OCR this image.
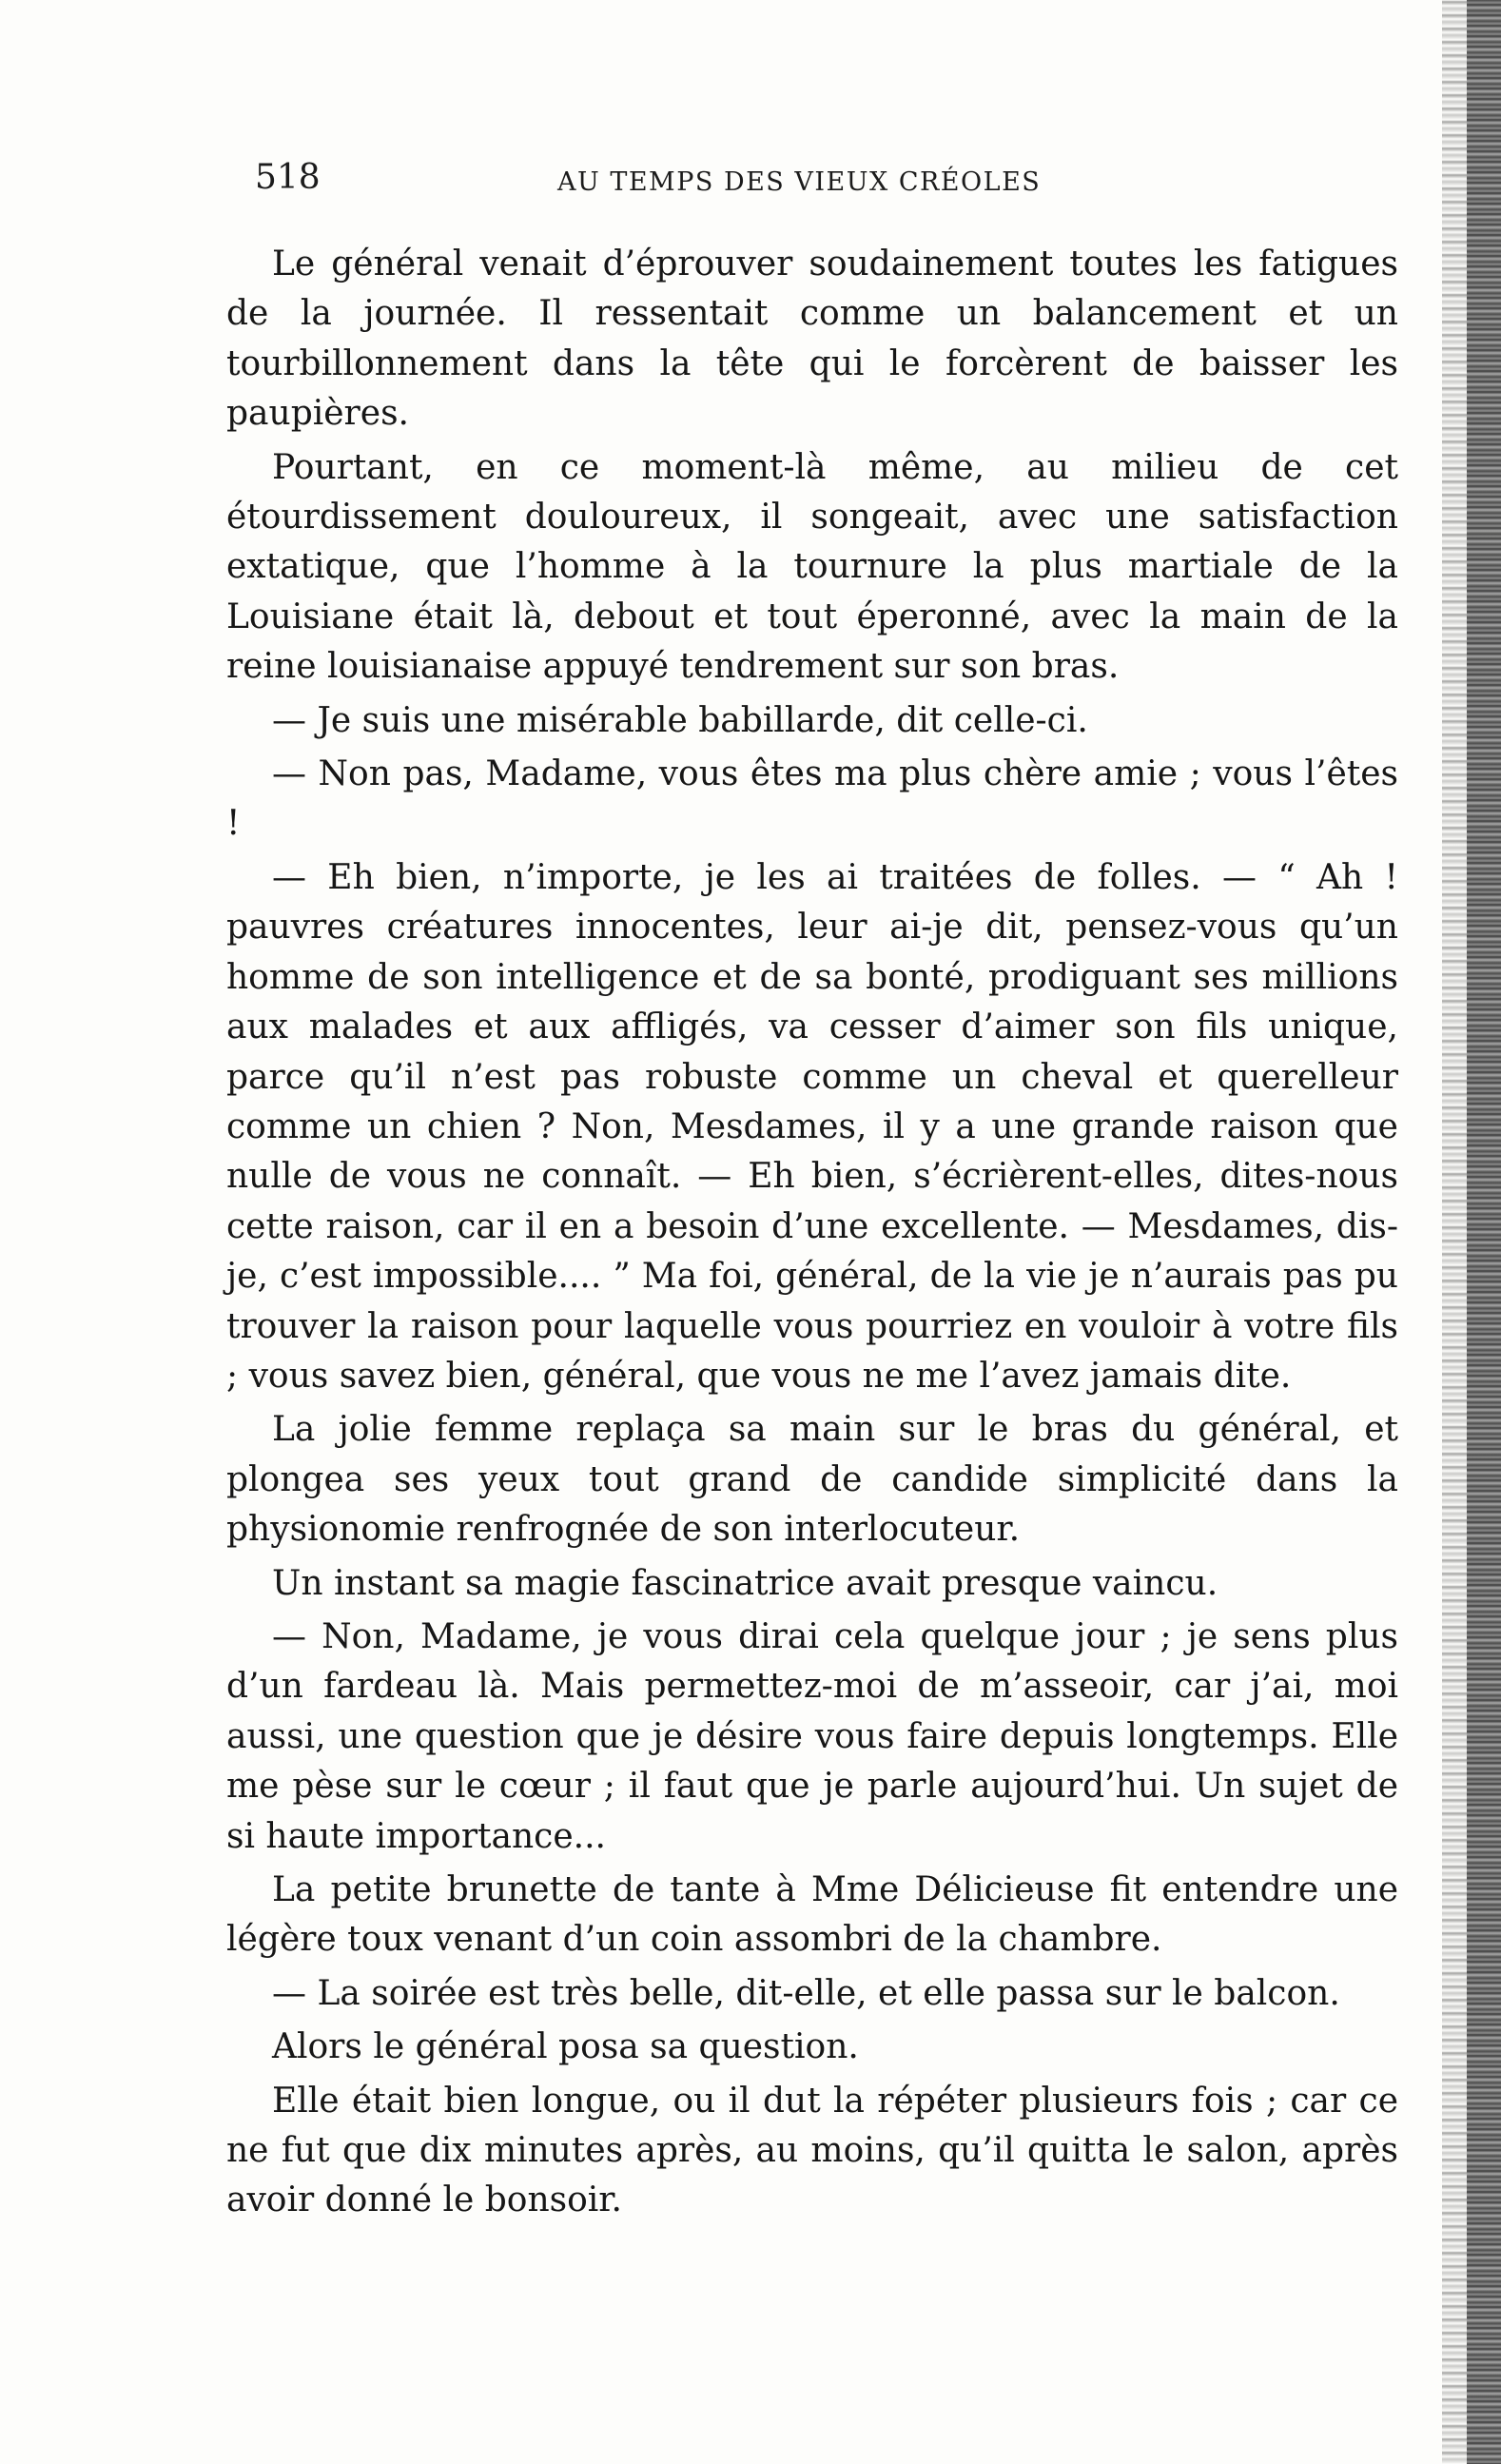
518	AU TEMPS DES VIEUX CRÉOLES

Le général venait d’éprouver soudainement toutes les fatigues de la journée. Il ressentait comme un balancement et un tourbillonnement dans la tête qui le forcèrent de baisser les paupières.

Pourtant, en ce moment-là même, au milieu de cet étourdissement douloureux, il songeait, avec une satisfaction extatique, que l’homme à la tournure la plus martiale de la Louisiane était là, debout et tout éperonné, avec la main de la reine louisianaise appuyé tendrement sur son bras.

— Je suis une misérable babillarde, dit celle-ci.

— Non pas, Madame, vous êtes ma plus chère amie ; vous l’êtes !

— Eh bien, n’importe, je les ai traitées de folles. — “ Ah ! pauvres créatures innocentes, leur ai-je dit, pensez-vous qu’un homme de son intelligence et de sa bonté, prodiguant ses millions aux malades et aux affligés, va cesser d’aimer son fils unique, parce qu’il n’est pas robuste comme un cheval et querelleur comme un chien ? Non, Mesdames, il y a une grande raison que nulle de vous ne connaît. — Eh bien, s’écrièrent-elles, dites-nous cette raison, car il en a besoin d’une excellente. — Mesdames, dis-je, c’est impossible.... ” Ma foi, général, de la vie je n’aurais pas pu trouver la raison pour laquelle vous pourriez en vouloir à votre fils ; vous savez bien, général, que vous ne me l’avez jamais dite.

La jolie femme replaça sa main sur le bras du général, et plongea ses yeux tout grand de candide simplicité dans la physionomie renfrognée de son interlocuteur.

Un instant sa magie fascinatrice avait presque vaincu.

— Non, Madame, je vous dirai cela quelque jour ; je sens plus d’un fardeau là. Mais permettez-moi de m’asseoir, car j’ai, moi aussi, une question que je désire vous faire depuis longtemps. Elle me pèse sur le cœur ; il faut que je parle aujourd’hui. Un sujet de si haute importance...

La petite brunette de tante à Mme Délicieuse fit entendre une légère toux venant d’un coin assombri de la chambre.

— La soirée est très belle, dit-elle, et elle passa sur le balcon.

Alors le général posa sa question.

Elle était bien longue, ou il dut la répéter plusieurs fois ; car ce ne fut que dix minutes après, au moins, qu’il quitta le salon, après avoir donné le bonsoir.
